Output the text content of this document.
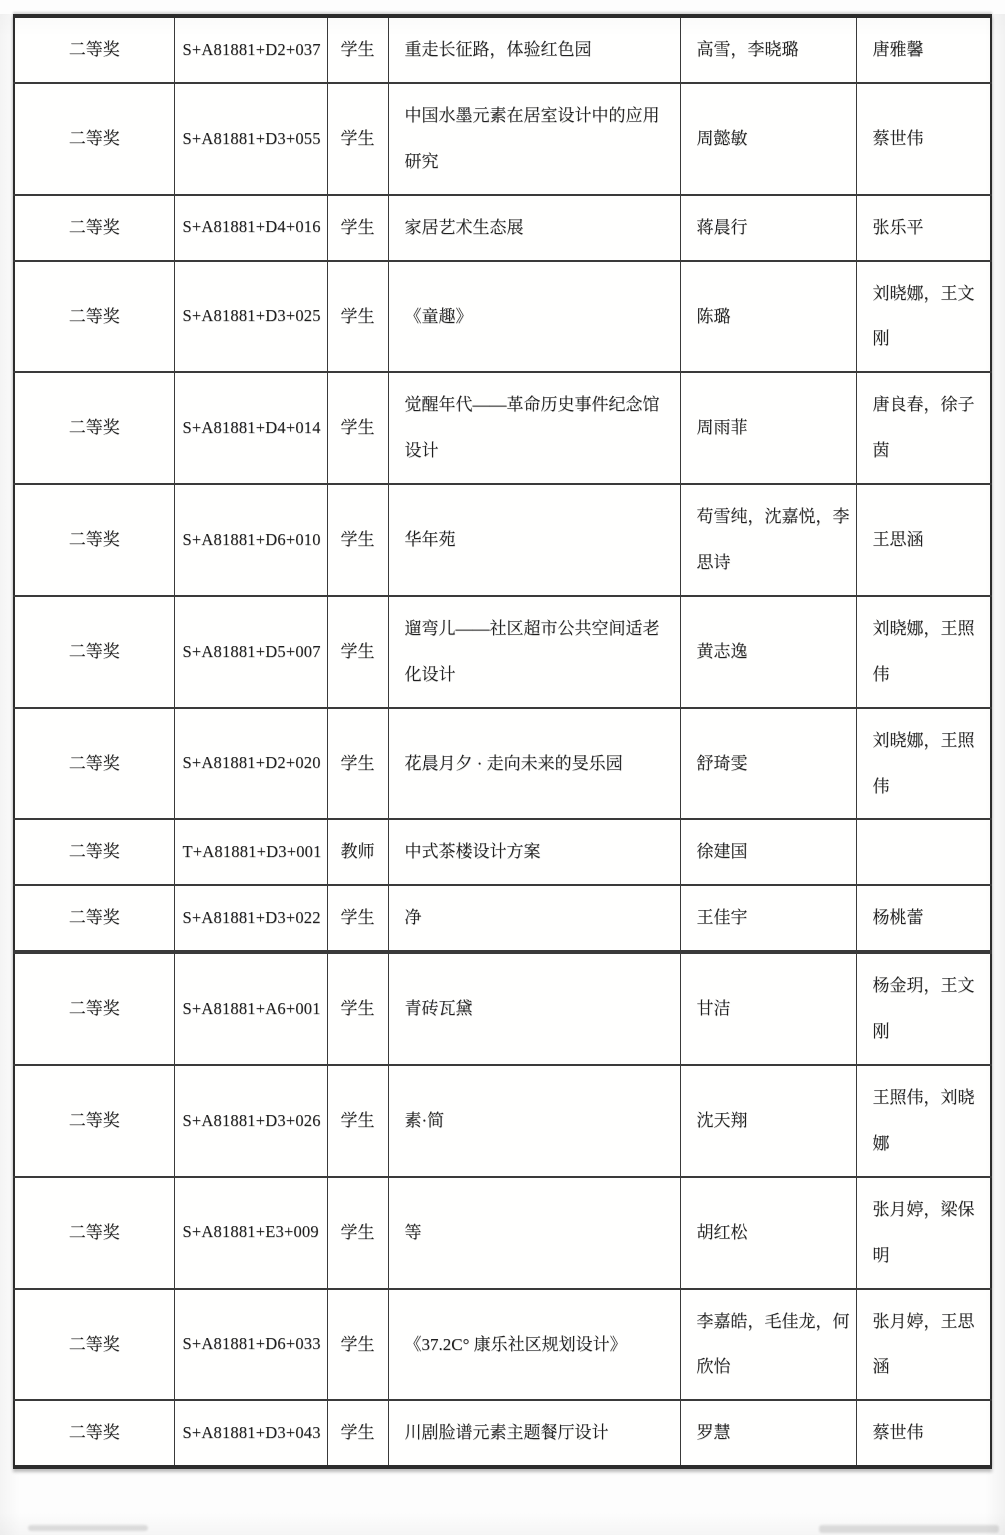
二等奖	S+A81881+D2+037	学生	重走长征路，体验红色园	高雪，李晓璐	唐雅馨
二等奖	S+A81881+D3+055	学生	中国水墨元素在居室设计中的应用研究	周懿敏	蔡世伟
二等奖	S+A81881+D4+016	学生	家居艺术生态展	蒋晨行	张乐平
二等奖	S+A81881+D3+025	学生	《童趣》	陈璐	刘晓娜，王文刚
二等奖	S+A81881+D4+014	学生	觉醒年代——革命历史事件纪念馆设计	周雨菲	唐良春，徐子茵
二等奖	S+A81881+D6+010	学生	华年苑	苟雪纯，沈嘉悦，李思诗	王思涵
二等奖	S+A81881+D5+007	学生	遛弯儿——社区超市公共空间适老化设计	黄志逸	刘晓娜，王照伟
二等奖	S+A81881+D2+020	学生	花晨月夕 · 走向未来的旻乐园	舒琦雯	刘晓娜，王照伟
二等奖	T+A81881+D3+001	教师	中式茶楼设计方案	徐建国	
二等奖	S+A81881+D3+022	学生	净	王佳宇	杨桃蕾
二等奖	S+A81881+A6+001	学生	青砖瓦黛	甘洁	杨金玥，王文刚
二等奖	S+A81881+D3+026	学生	素·简	沈天翔	王照伟，刘晓娜
二等奖	S+A81881+E3+009	学生	等	胡红松	张月婷，梁保明
二等奖	S+A81881+D6+033	学生	《37.2C° 康乐社区规划设计》	李嘉皓，毛佳龙，何欣怡	张月婷，王思涵
二等奖	S+A81881+D3+043	学生	川剧脸谱元素主题餐厅设计	罗慧	蔡世伟
